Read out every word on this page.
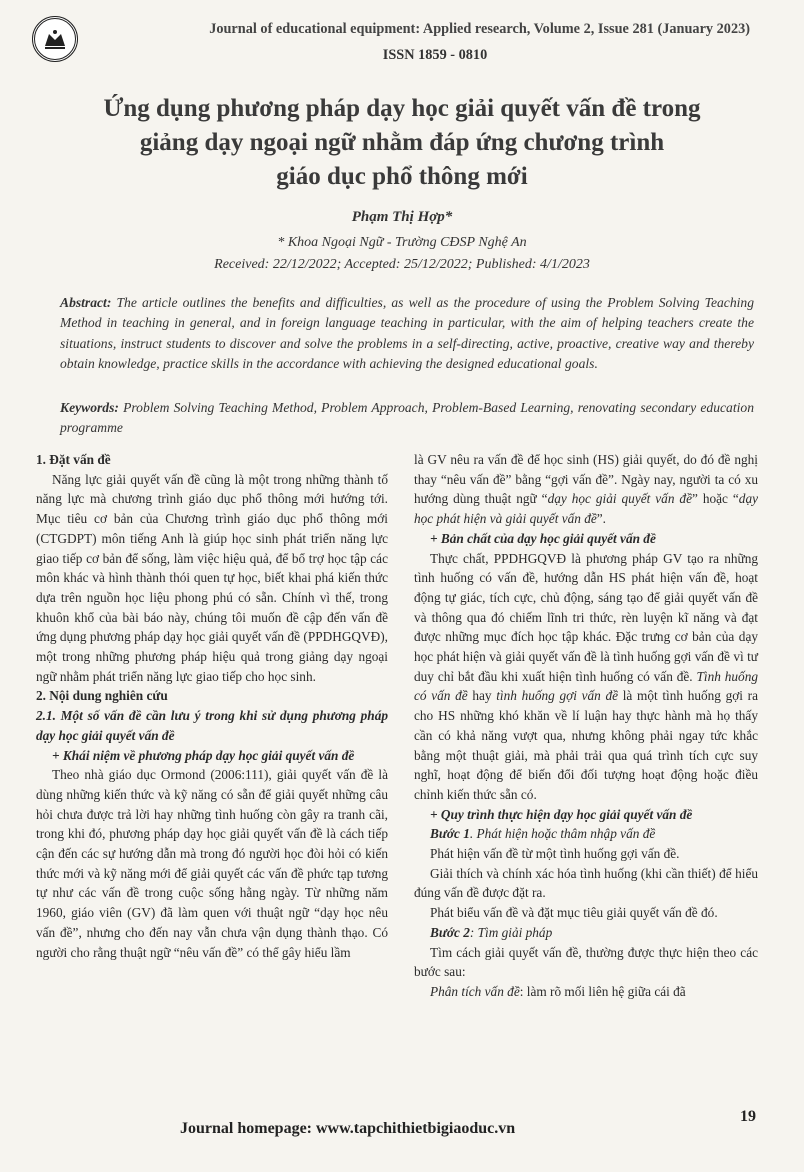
Journal of educational equipment: Applied research, Volume 2, Issue 281 (January 2023)
ISSN 1859 - 0810
Ứng dụng phương pháp dạy học giải quyết vấn đề trong
giảng dạy ngoại ngữ nhằm đáp ứng chương trình
giáo dục phổ thông mới
Phạm Thị Hợp*
* Khoa Ngoại Ngữ - Trường CĐSP Nghệ An
Received: 22/12/2022; Accepted: 25/12/2022; Published: 4/1/2023

Abstract: The article outlines the benefits and difficulties, as well as the procedure of using the Problem Solving Teaching Method in teaching in general, and in foreign language teaching in particular, with the aim of helping teachers create the situations, instruct students to discover and solve the problems in a self-directing, active, proactive, creative way and thereby obtain knowledge, practice skills in the accordance with achieving the designed educational goals.

Keywords: Problem Solving Teaching Method, Problem Approach, Problem-Based Learning, renovating secondary education programme

1. Đặt vấn đề

Năng lực giải quyết vấn đề cũng là một trong những thành tố năng lực mà chương trình giáo dục phổ thông mới hướng tới. Mục tiêu cơ bản của Chương trình giáo dục phổ thông mới (CTGDPT) môn tiếng Anh là giúp học sinh phát triển năng lực giao tiếp cơ bản để sống, làm việc hiệu quả, để bổ trợ học tập các môn khác và hình thành thói quen tự học, biết khai phá kiến thức dựa trên nguồn học liệu phong phú có sẵn. Chính vì thế, trong khuôn khổ của bài báo này, chúng tôi muốn đề cập đến vấn đề ứng dụng phương pháp dạy học giải quyết vấn đề (PPDHGQVĐ), một trong những phương pháp hiệu quả trong giảng dạy ngoại ngữ nhằm phát triển năng lực giao tiếp cho học sinh.

2. Nội dung nghiên cứu

2.1. Một số vấn đề cần lưu ý trong khi sử dụng phương pháp dạy học giải quyết vấn đề

+ Khái niệm về phương pháp dạy học giải quyết vấn đề

Theo nhà giáo dục Ormond (2006:111), giải quyết vấn đề là dùng những kiến thức và kỹ năng có sẵn để giải quyết những câu hỏi chưa được trả lời hay những tình huống còn gây ra tranh cãi, trong khi đó, phương pháp dạy học giải quyết vấn đề là cách tiếp cận đến các sự hướng dẫn mà trong đó người học đòi hỏi có kiến thức mới và kỹ năng mới để giải quyết các vấn đề phức tạp tương tự như các vấn đề trong cuộc sống hằng ngày. Từ những năm 1960, giáo viên (GV) đã làm quen với thuật ngữ “dạy học nêu vấn đề”, nhưng cho đến nay vẫn chưa vận dụng thành thạo. Có người cho rằng thuật ngữ “nêu vấn đề” có thể gây hiểu lầm

là GV nêu ra vấn đề để học sinh (HS) giải quyết, do đó đề nghị thay “nêu vấn đề” bằng “gợi vấn đề”. Ngày nay, người ta có xu hướng dùng thuật ngữ “dạy học giải quyết vấn đề” hoặc “dạy học phát hiện và giải quyết vấn đề”.

+ Bản chất của dạy học giải quyết vấn đề

Thực chất, PPDHGQVĐ là phương pháp GV tạo ra những tình huống có vấn đề, hướng dẫn HS phát hiện vấn đề, hoạt động tự giác, tích cực, chủ động, sáng tạo để giải quyết vấn đề và thông qua đó chiếm lĩnh tri thức, rèn luyện kĩ năng và đạt được những mục đích học tập khác. Đặc trưng cơ bản của dạy học phát hiện và giải quyết vấn đề là tình huống gợi vấn đề vì tư duy chỉ bắt đầu khi xuất hiện tình huống có vấn đề. Tình huống có vấn đề hay tình huống gợi vấn đề là một tình huống gợi ra cho HS những khó khăn về lí luận hay thực hành mà họ thấy cần có khả năng vượt qua, nhưng không phải ngay tức khắc bằng một thuật giải, mà phải trải qua quá trình tích cực suy nghĩ, hoạt động để biến đổi đối tượng hoạt động hoặc điều chỉnh kiến thức sẵn có.

+ Quy trình thực hiện dạy học giải quyết vấn đề

Bước 1. Phát hiện hoặc thâm nhập vấn đề

Phát hiện vấn đề từ một tình huống gợi vấn đề.

Giải thích và chính xác hóa tình huống (khi cần thiết) để hiểu đúng vấn đề được đặt ra.

Phát biểu vấn đề và đặt mục tiêu giải quyết vấn đề đó.

Bước 2: Tìm giải pháp

Tìm cách giải quyết vấn đề, thường được thực hiện theo các bước sau:

Phân tích vấn đề: làm rõ mối liên hệ giữa cái đã

Journal homepage: www.tapchithietbigiaoduc.vn
19
